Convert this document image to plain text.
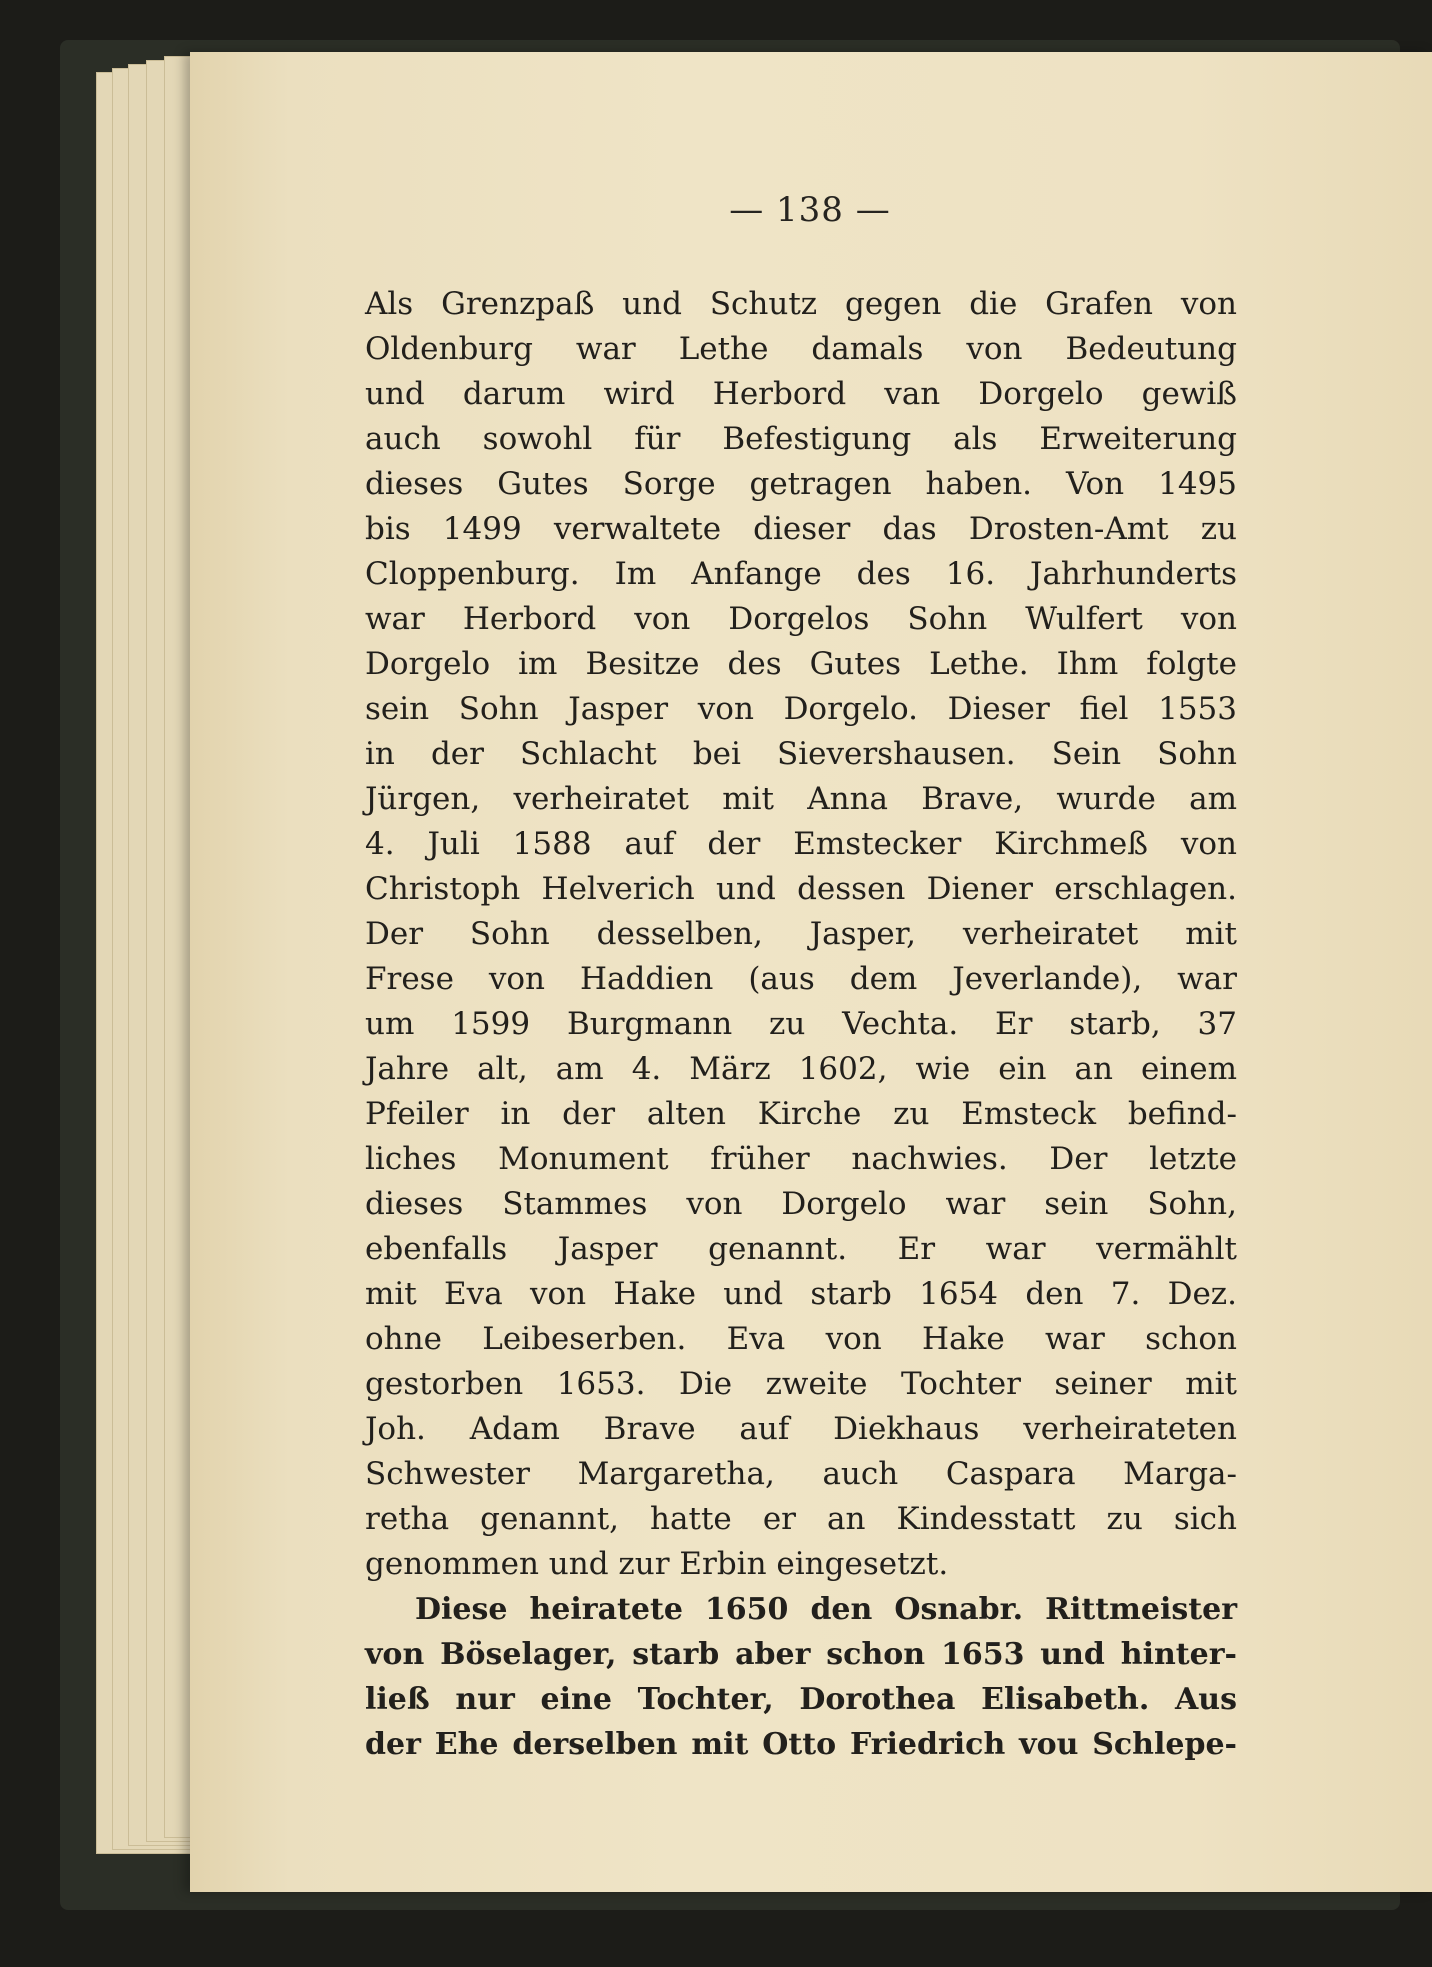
— 138 —
Als Grenzpaß und Schutz gegen die Grafen von
Oldenburg war Lethe damals von Bedeutung
und darum wird Herbord van Dorgelo gewiß
auch sowohl für Befestigung als Erweiterung
dieses Gutes Sorge getragen haben. Von 1495
bis 1499 verwaltete dieser das Drosten-Amt zu
Cloppenburg. Im Anfange des 16. Jahrhunderts
war Herbord von Dorgelos Sohn Wulfert von
Dorgelo im Besitze des Gutes Lethe. Ihm folgte
sein Sohn Jasper von Dorgelo. Dieser fiel 1553
in der Schlacht bei Sievershausen. Sein Sohn
Jürgen, verheiratet mit Anna Brave, wurde am
4. Juli 1588 auf der Emstecker Kirchmeß von
Christoph Helverich und dessen Diener erschlagen.
Der Sohn desselben, Jasper, verheiratet mit
Frese von Haddien (aus dem Jeverlande), war
um 1599 Burgmann zu Vechta. Er starb, 37
Jahre alt, am 4. März 1602, wie ein an einem
Pfeiler in der alten Kirche zu Emsteck befind-
liches Monument früher nachwies. Der letzte
dieses Stammes von Dorgelo war sein Sohn,
ebenfalls Jasper genannt. Er war vermählt
mit Eva von Hake und starb 1654 den 7. Dez.
ohne Leibeserben. Eva von Hake war schon
gestorben 1653. Die zweite Tochter seiner mit
Joh. Adam Brave auf Diekhaus verheirateten
Schwester Margaretha, auch Caspara Marga-
retha genannt, hatte er an Kindesstatt zu sich
genommen und zur Erbin eingesetzt.
Diese heiratete 1650 den Osnabr. Rittmeister
von Böselager, starb aber schon 1653 und hinter-
ließ nur eine Tochter, Dorothea Elisabeth. Aus
der Ehe derselben mit Otto Friedrich vou Schlepe-
